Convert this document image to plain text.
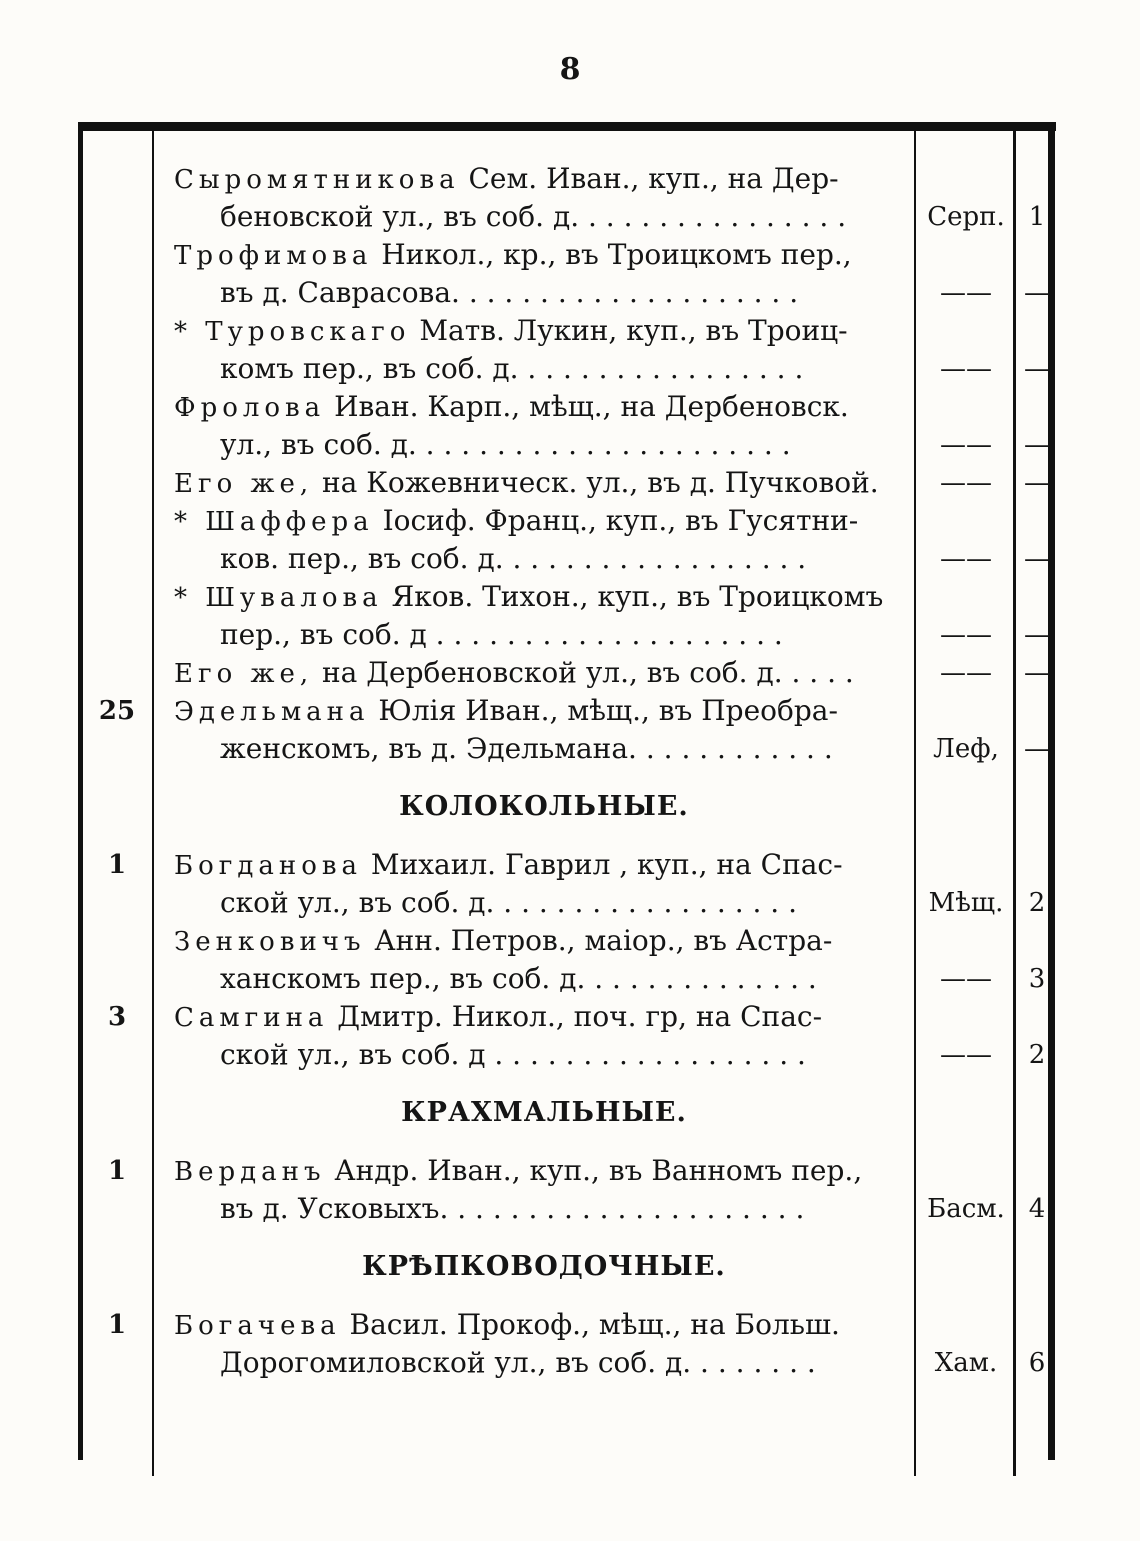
8
Сыромятникова Сем. Иван., куп., на Дер-
беновской ул., въ соб. д. . . . . . . . . . . . . . . .	Серп. 1
Трофимова Никол., кр., въ Троицкомъ пер.,
въ д. Саврасова. . . . . . . . . . . . . . . . . . . .	——	—
* Туровскаго Матв. Лукин, куп., въ Троиц-
комъ пер., въ соб. д. . . . . . . . . . . . . . . . .	——	—
Фролова Иван. Карп., мѣщ., на Дербеновск.
ул., въ соб. д. . . . . . . . . . . . . . . . . . . . . .	——	—
Его же, на Кожевническ. ул., въ д. Пучковой.	——	—
* Шаффера Іосиф. Франц., куп., въ Гусятни-
ков. пер., въ соб. д. . . . . . . . . . . . . . . . . .	——	—
* Шувалова Яков. Тихон., куп., въ Троицкомъ
пер., въ соб. д . . . . . . . . . . . . . . . . . . . .	——	—
Его же, на Дербеновской ул., въ соб. д. . . . .	——	—
25 Эдельмана Юлія Иван., мѣщ., въ Преобра-
женскомъ, въ д. Эдельмана. . . . . . . . . . . .	Леф, —
КОЛОКОЛЬНЫЕ.
1	Богданова Михаил. Гаврил , куп., на Спас-
ской ул., въ соб. д. . . . . . . . . . . . . . . . . .	Мѣщ. 2
Зенковичъ Анн. Петров., маіор., въ Астра-
ханскомъ пер., въ соб. д. . . . . . . . . . . . . .	——	3
3	Самгина Дмитр. Никол., поч. гр, на Спас-
ской ул., въ соб. д . . . . . . . . . . . . . . . . . .	——	2
КРАХМАЛЬНЫЕ.
1	Верданъ Андр. Иван., куп., въ Ванномъ пер.,
въ д. Усковыхъ. . . . . . . . . . . . . . . . . . . . .	Басм. 4
КРѢПКОВОДОЧНЫЕ.
1	Богачева Васил. Прокоф., мѣщ., на Больш.
Дорогомиловской ул., въ соб. д. . . . . . . .	Хам.	6
